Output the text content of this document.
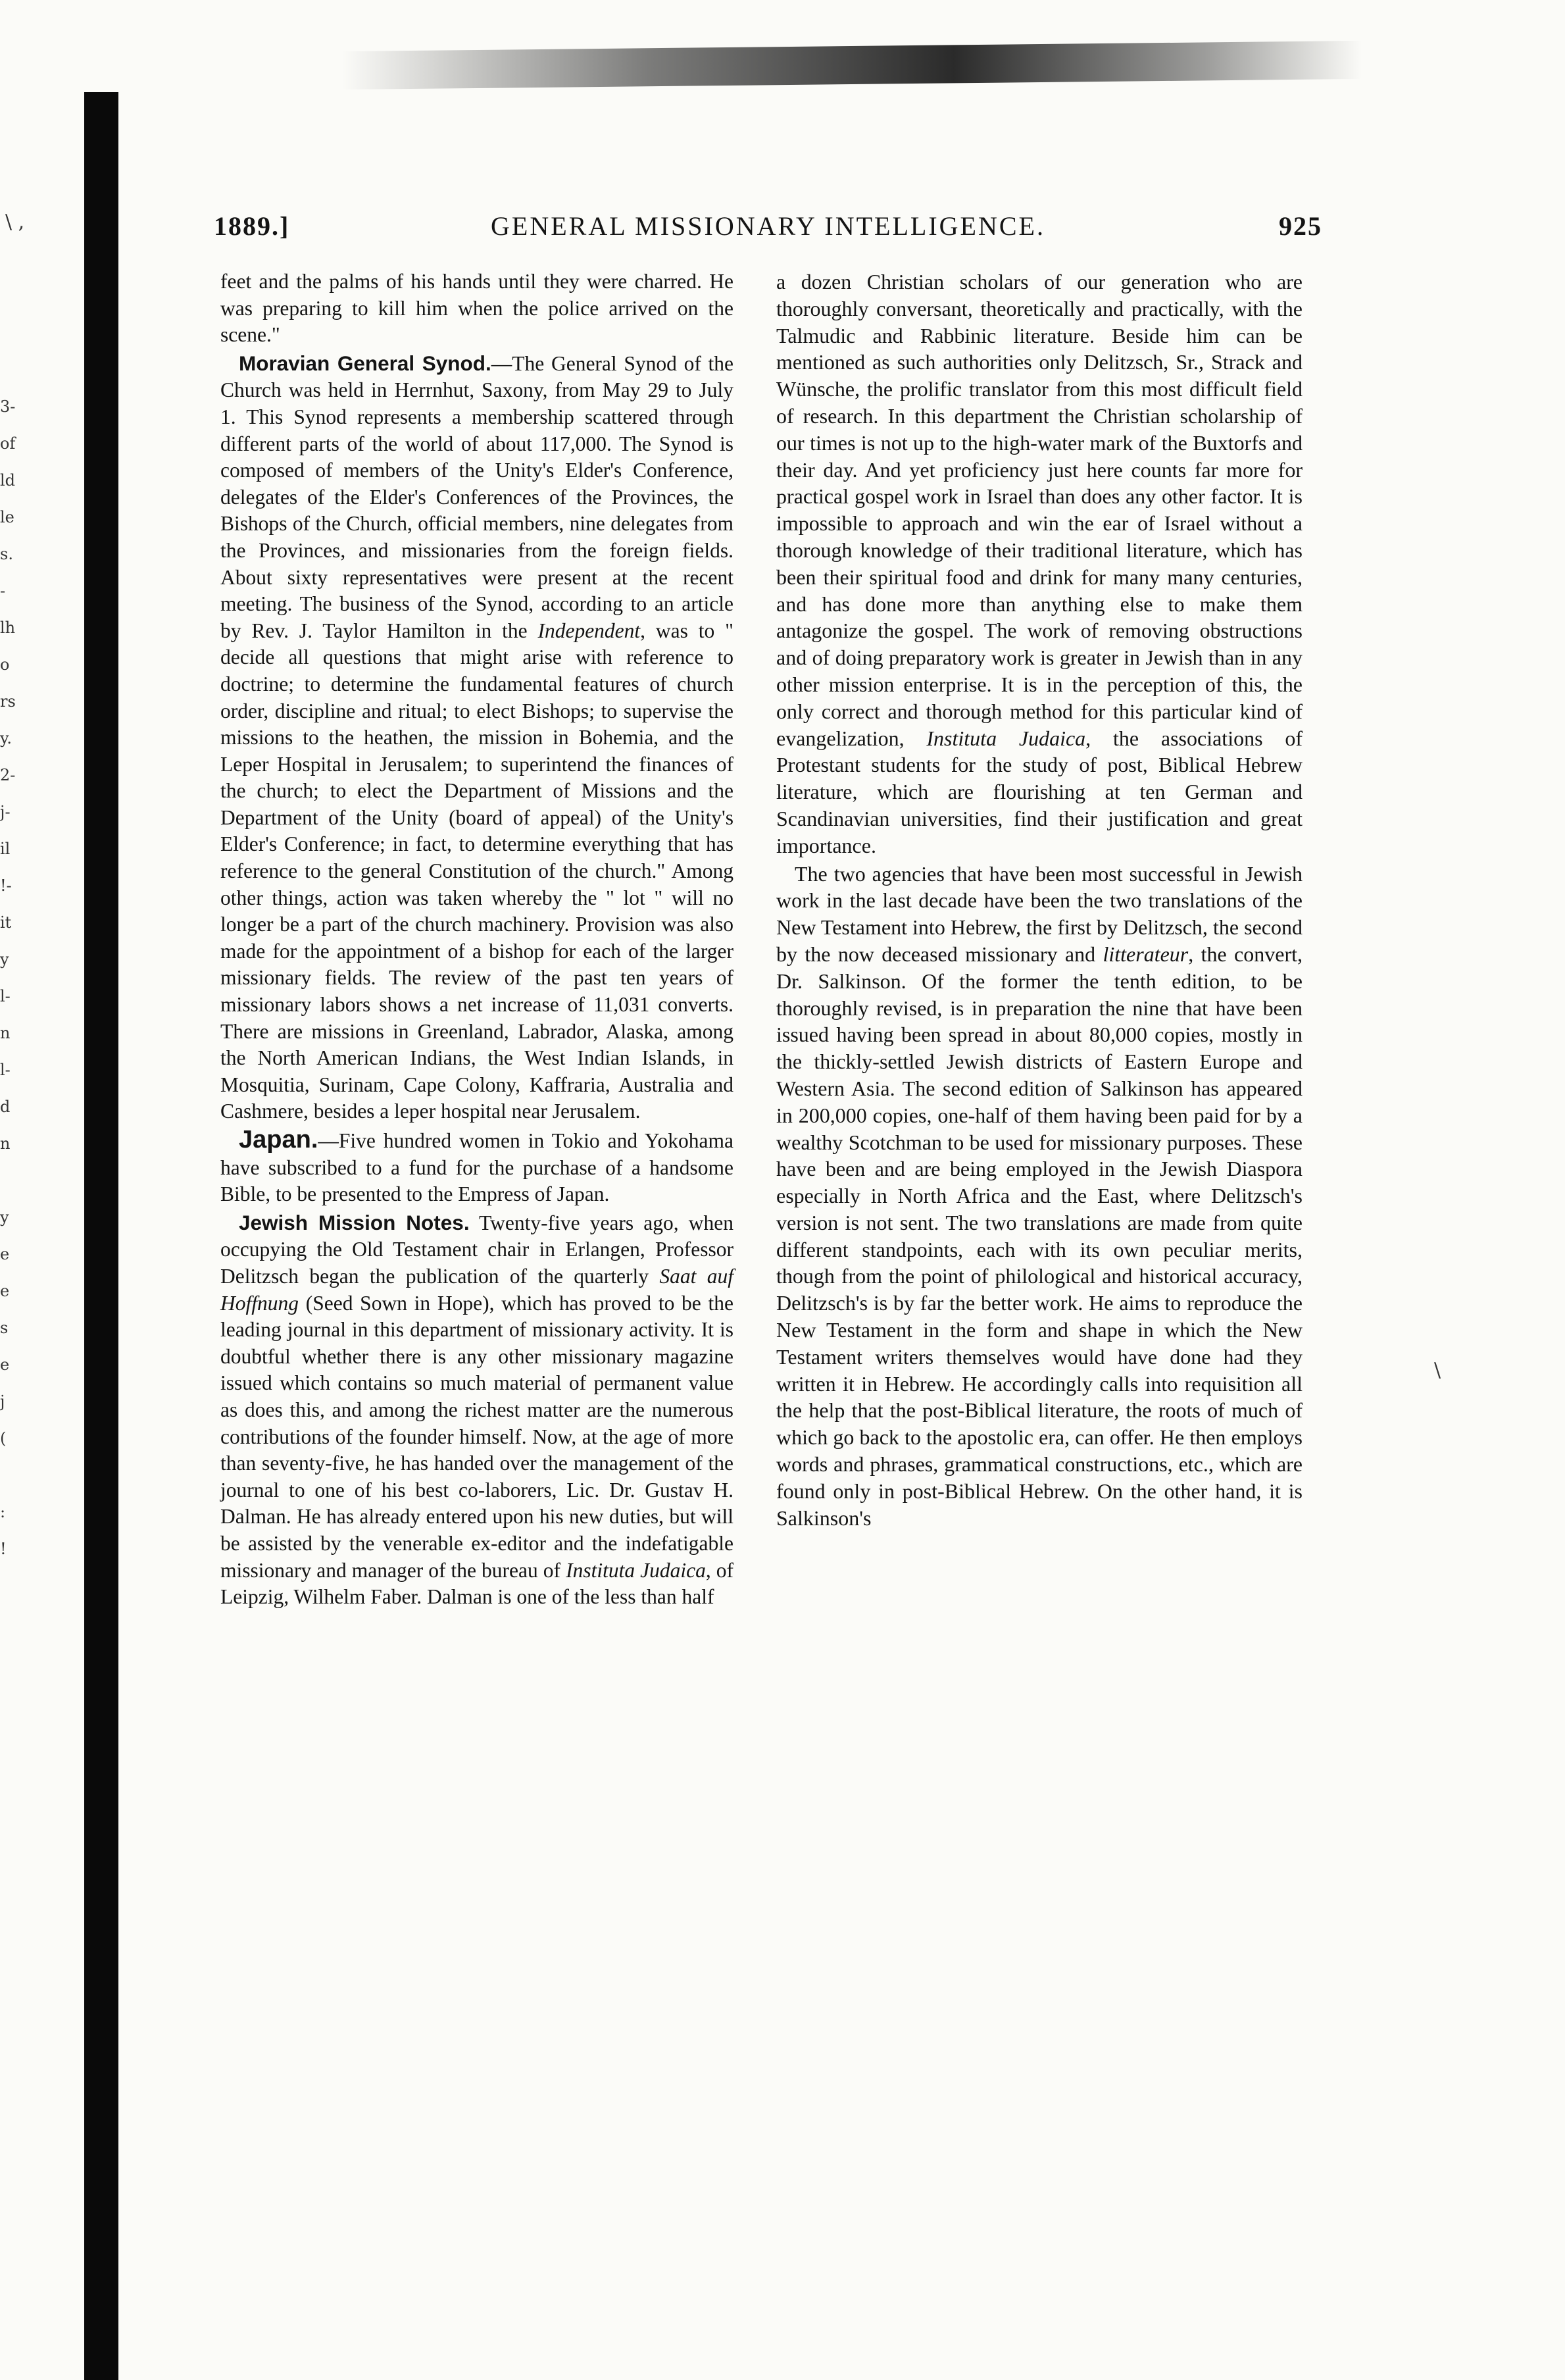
\ ,
\
3-
of
ld
le
s.
-
lh
o
rs
y.
2-
j-
il
!-
it
y
l-
n
l-
d
n
y
e
e
s
e
j
(
:
!
1889.]	GENERAL MISSIONARY INTELLIGENCE.	925

feet and the palms of his hands until they were charred. He was preparing to kill him when the police arrived on the scene."

Moravian General Synod.—The General Synod of the Church was held in Herrnhut, Saxony, from May 29 to July 1. This Synod represents a membership scattered through different parts of the world of about 117,000. The Synod is composed of members of the Unity's Elder's Conference, delegates of the Elder's Conferences of the Provinces, the Bishops of the Church, official members, nine delegates from the Provinces, and missionaries from the foreign fields. About sixty representatives were present at the recent meeting. The business of the Synod, according to an article by Rev. J. Taylor Hamilton in the Independent, was to " decide all questions that might arise with reference to doctrine; to determine the fundamental features of church order, discipline and ritual; to elect Bishops; to supervise the missions to the heathen, the mission in Bohemia, and the Leper Hospital in Jerusalem; to superintend the finances of the church; to elect the Department of Missions and the Department of the Unity (board of appeal) of the Unity's Elder's Conference; in fact, to determine everything that has reference to the general Constitution of the church." Among other things, action was taken whereby the " lot " will no longer be a part of the church machinery. Provision was also made for the appointment of a bishop for each of the larger missionary fields. The review of the past ten years of missionary labors shows a net increase of 11,031 converts. There are missions in Greenland, Labrador, Alaska, among the North American Indians, the West Indian Islands, in Mosquitia, Surinam, Cape Colony, Kaffraria, Australia and Cashmere, besides a leper hospital near Jerusalem.

Japan.—Five hundred women in Tokio and Yokohama have subscribed to a fund for the purchase of a handsome Bible, to be presented to the Empress of Japan.

Jewish Mission Notes. Twenty-five years ago, when occupying the Old Testament chair in Erlangen, Professor Delitzsch began the publication of the quarterly Saat auf Hoffnung (Seed Sown in Hope), which has proved to be the leading journal in this department of missionary activity. It is doubtful whether there is any other missionary magazine issued which contains so much material of permanent value as does this, and among the richest matter are the numerous contributions of the founder himself. Now, at the age of more than seventy-five, he has handed over the management of the journal to one of his best co-laborers, Lic. Dr. Gustav H. Dalman. He has already entered upon his new duties, but will be assisted by the venerable ex-editor and the indefatigable missionary and manager of the bureau of Instituta Judaica, of Leipzig, Wilhelm Faber. Dalman is one of the less than half

a dozen Christian scholars of our generation who are thoroughly conversant, theoretically and practically, with the Talmudic and Rabbinic literature. Beside him can be mentioned as such authorities only Delitzsch, Sr., Strack and Wünsche, the prolific translator from this most difficult field of research. In this department the Christian scholarship of our times is not up to the high-water mark of the Buxtorfs and their day. And yet proficiency just here counts far more for practical gospel work in Israel than does any other factor. It is impossible to approach and win the ear of Israel without a thorough knowledge of their traditional literature, which has been their spiritual food and drink for many many centuries, and has done more than anything else to make them antagonize the gospel. The work of removing obstructions and of doing preparatory work is greater in Jewish than in any other mission enterprise. It is in the perception of this, the only correct and thorough method for this particular kind of evangelization, Instituta Judaica, the associations of Protestant students for the study of post, Biblical Hebrew literature, which are flourishing at ten German and Scandinavian universities, find their justification and great importance.

The two agencies that have been most successful in Jewish work in the last decade have been the two translations of the New Testament into Hebrew, the first by Delitzsch, the second by the now deceased missionary and litterateur, the convert, Dr. Salkinson. Of the former the tenth edition, to be thoroughly revised, is in preparation the nine that have been issued having been spread in about 80,000 copies, mostly in the thickly-settled Jewish districts of Eastern Europe and Western Asia. The second edition of Salkinson has appeared in 200,000 copies, one-half of them having been paid for by a wealthy Scotchman to be used for missionary purposes. These have been and are being employed in the Jewish Diaspora especially in North Africa and the East, where Delitzsch's version is not sent. The two translations are made from quite different standpoints, each with its own peculiar merits, though from the point of philological and historical accuracy, Delitzsch's is by far the better work. He aims to reproduce the New Testament in the form and shape in which the New Testament writers themselves would have done had they written it in Hebrew. He accordingly calls into requisition all the help that the post-Biblical literature, the roots of much of which go back to the apostolic era, can offer. He then employs words and phrases, grammatical constructions, etc., which are found only in post-Biblical Hebrew. On the other hand, it is Salkinson's
